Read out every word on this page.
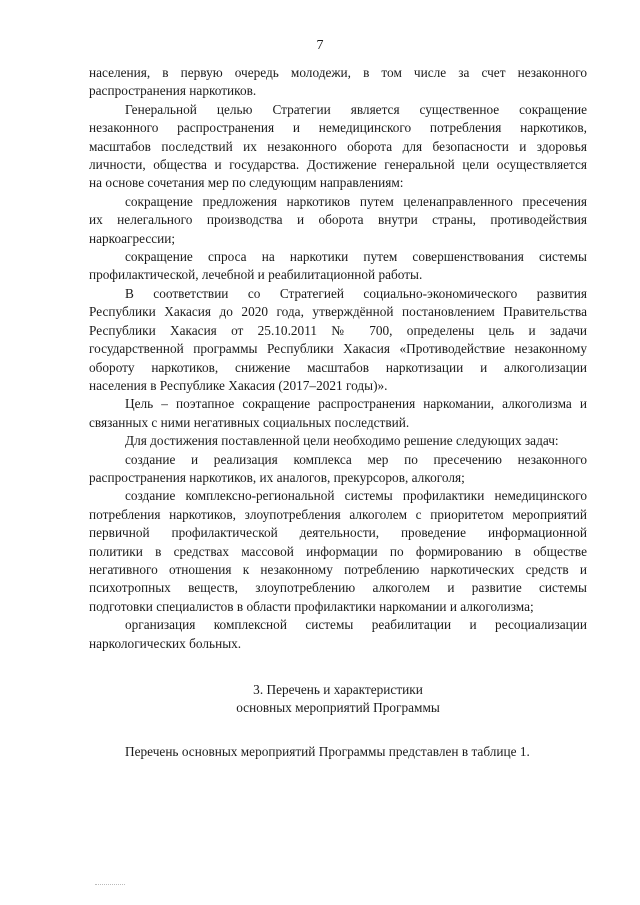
7
населения, в первую очередь молодежи, в том числе за счет незаконного
распространения наркотиков.
Генеральной целью Стратегии является существенное сокращение
незаконного распространения и немедицинского потребления наркотиков,
масштабов последствий их незаконного оборота для безопасности и здоровья
личности, общества и государства. Достижение генеральной цели осуществляется
на основе сочетания мер по следующим направлениям:
сокращение предложения наркотиков путем целенаправленного пресечения
их нелегального производства и оборота внутри страны, противодействия
наркоагрессии;
сокращение спроса на наркотики путем совершенствования системы
профилактической, лечебной и реабилитационной работы.
В соответствии со Стратегией социально-экономического развития
Республики Хакасия до 2020 года, утверждённой постановлением Правительства
Республики Хакасия от 25.10.2011 № 700, определены цель и задачи
государственной программы Республики Хакасия «Противодействие незаконному
обороту наркотиков, снижение масштабов наркотизации и алкоголизации
населения в Республике Хакасия (2017–2021 годы)».
Цель – поэтапное сокращение распространения наркомании, алкоголизма и
связанных с ними негативных социальных последствий.
Для достижения поставленной цели необходимо решение следующих задач:
создание и реализация комплекса мер по пресечению незаконного
распространения наркотиков, их аналогов, прекурсоров, алкоголя;
создание комплексно-региональной системы профилактики немедицинского
потребления наркотиков, злоупотребления алкоголем с приоритетом мероприятий
первичной профилактической деятельности, проведение информационной
политики в средствах массовой информации по формированию в обществе
негативного отношения к незаконному потреблению наркотических средств и
психотропных веществ, злоупотреблению алкоголем и развитие системы
подготовки специалистов в области профилактики наркомании и алкоголизма;
организация комплексной системы реабилитации и ресоциализации
наркологических больных.
3. Перечень и характеристики
основных мероприятий Программы

Перечень основных мероприятий Программы представлен в таблице 1.
